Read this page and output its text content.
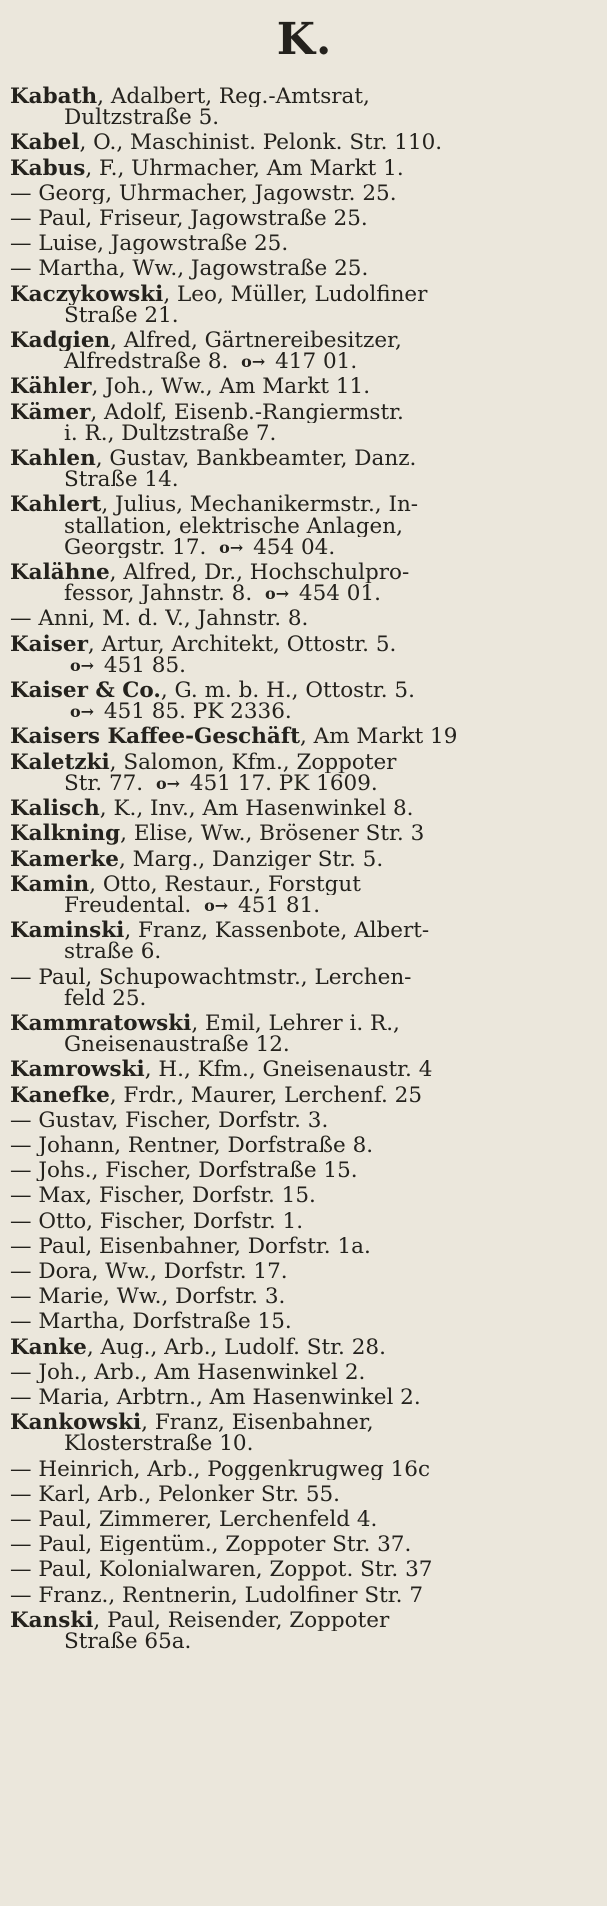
K.
Kabath, Adalbert, Reg.-Amtsrat,
Dultzstraße 5.
Kabel, O., Maschinist. Pelonk. Str. 110.
Kabus, F., Uhrmacher, Am Markt 1.
— Georg, Uhrmacher, Jagowstr. 25.
— Paul, Friseur, Jagowstraße 25.
— Luise, Jagowstraße 25.
— Martha, Ww., Jagowstraße 25.
Kaczykowski, Leo, Müller, Ludolfiner
Straße 21.
Kadgien, Alfred, Gärtnereibesitzer,
Alfredstraße 8. o→ 417 01.
Kähler, Joh., Ww., Am Markt 11.
Kämer, Adolf, Eisenb.-Rangiermstr.
i. R., Dultzstraße 7.
Kahlen, Gustav, Bankbeamter, Danz.
Straße 14.
Kahlert, Julius, Mechanikermstr., In-
stallation, elektrische Anlagen,
Georgstr. 17. o→ 454 04.
Kalähne, Alfred, Dr., Hochschulpro-
fessor, Jahnstr. 8. o→ 454 01.
— Anni, M. d. V., Jahnstr. 8.
Kaiser, Artur, Architekt, Ottostr. 5.
o→ 451 85.
Kaiser & Co., G. m. b. H., Ottostr. 5.
o→ 451 85. PK 2336.
Kaisers Kaffee-Geschäft, Am Markt 19
Kaletzki, Salomon, Kfm., Zoppoter
Str. 77. o→ 451 17. PK 1609.
Kalisch, K., Inv., Am Hasenwinkel 8.
Kalkning, Elise, Ww., Brösener Str. 3
Kamerke, Marg., Danziger Str. 5.
Kamin, Otto, Restaur., Forstgut
Freudental. o→ 451 81.
Kaminski, Franz, Kassenbote, Albert-
straße 6.
— Paul, Schupowachtmstr., Lerchen-
feld 25.
Kammratowski, Emil, Lehrer i. R.,
Gneisenaustraße 12.
Kamrowski, H., Kfm., Gneisenaustr. 4
Kanefke, Frdr., Maurer, Lerchenf. 25
— Gustav, Fischer, Dorfstr. 3.
— Johann, Rentner, Dorfstraße 8.
— Johs., Fischer, Dorfstraße 15.
— Max, Fischer, Dorfstr. 15.
— Otto, Fischer, Dorfstr. 1.
— Paul, Eisenbahner, Dorfstr. 1a.
— Dora, Ww., Dorfstr. 17.
— Marie, Ww., Dorfstr. 3.
— Martha, Dorfstraße 15.
Kanke, Aug., Arb., Ludolf. Str. 28.
— Joh., Arb., Am Hasenwinkel 2.
— Maria, Arbtrn., Am Hasenwinkel 2.
Kankowski, Franz, Eisenbahner,
Klosterstraße 10.
— Heinrich, Arb., Poggenkrugweg 16c
— Karl, Arb., Pelonker Str. 55.
— Paul, Zimmerer, Lerchenfeld 4.
— Paul, Eigentüm., Zoppoter Str. 37.
— Paul, Kolonialwaren, Zoppot. Str. 37
— Franz., Rentnerin, Ludolfiner Str. 7
Kanski, Paul, Reisender, Zoppoter
Straße 65a.
